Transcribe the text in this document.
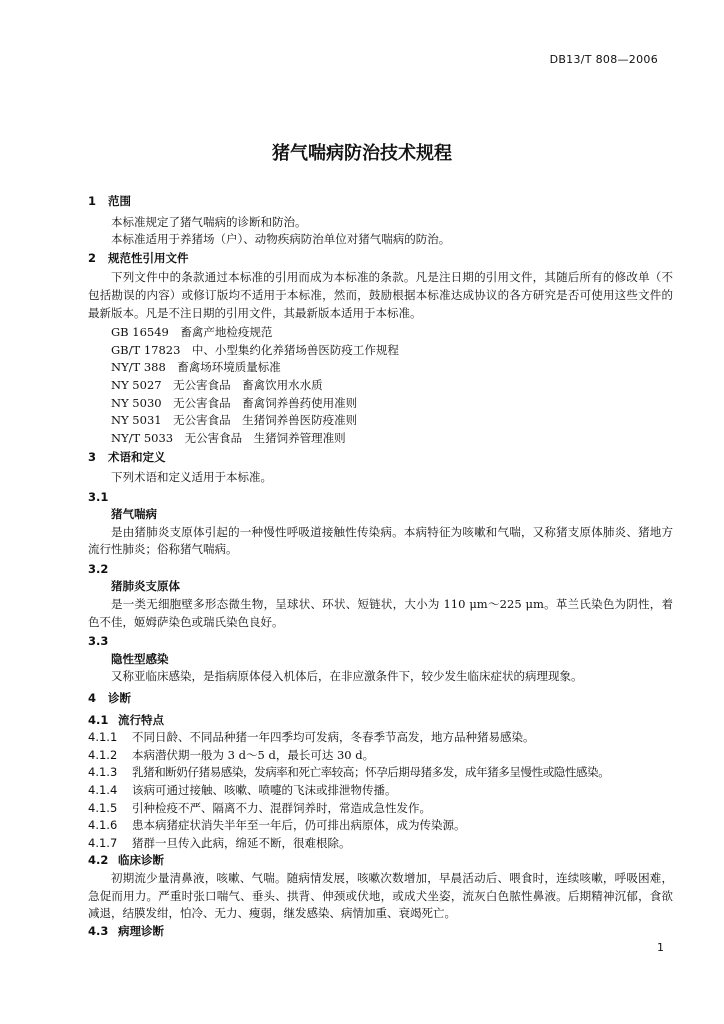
DB13/T 808—2006
猪气喘病防治技术规程
1 范围

本标准规定了猪气喘病的诊断和防治。

本标准适用于养猪场（户）、动物疾病防治单位对猪气喘病的防治。

2 规范性引用文件

下列文件中的条款通过本标准的引用而成为本标准的条款。凡是注日期的引用文件，其随后所有的修改单（不包括勘误的内容）或修订版均不适用于本标准，然而，鼓励根据本标准达成协议的各方研究是否可使用这些文件的最新版本。凡是不注日期的引用文件，其最新版本适用于本标准。

GB 16549　畜禽产地检疫规范

GB/T 17823　中、小型集约化养猪场兽医防疫工作规程

NY/T 388　畜禽场环境质量标准

NY 5027　无公害食品　畜禽饮用水水质

NY 5030　无公害食品　畜禽饲养兽药使用准则

NY 5031　无公害食品　生猪饲养兽医防疫准则

NY/T 5033　无公害食品　生猪饲养管理准则

3 术语和定义

下列术语和定义适用于本标准。

3.1
猪气喘病

是由猪肺炎支原体引起的一种慢性呼吸道接触性传染病。本病特征为咳嗽和气喘，又称猪支原体肺炎、猪地方流行性肺炎；俗称猪气喘病。

3.2
猪肺炎支原体

是一类无细胞壁多形态微生物，呈球状、环状、短链状，大小为 110 μm～225 μm。革兰氏染色为阴性，着色不佳，姬姆萨染色或瑞氏染色良好。

3.3
隐性型感染

又称亚临床感染，是指病原体侵入机体后，在非应激条件下，较少发生临床症状的病理现象。

4 诊断
4.1 流行特点
4.1.1 不同日龄、不同品种猪一年四季均可发病，冬春季节高发，地方品种猪易感染。
4.1.2 本病潜伏期一般为 3 d～5 d，最长可达 30 d。
4.1.3 乳猪和断奶仔猪易感染，发病率和死亡率较高；怀孕后期母猪多发，成年猪多呈慢性或隐性感染。
4.1.4 该病可通过接触、咳嗽、喷嚏的飞沫或排泄物传播。
4.1.5 引种检疫不严、隔离不力、混群饲养时，常造成急性发作。
4.1.6 患本病猪症状消失半年至一年后，仍可排出病原体，成为传染源。
4.1.7 猪群一旦传入此病，绵延不断，很难根除。
4.2 临床诊断

初期流少量清鼻液，咳嗽、气喘。随病情发展，咳嗽次数增加，早晨活动后、喂食时，连续咳嗽，呼吸困难，急促而用力。严重时张口喘气、垂头、拱背、伸颈或伏地，或成犬坐姿，流灰白色脓性鼻液。后期精神沉郁，食欲减退，结膜发绀，怕冷、无力、瘦弱，继发感染、病情加重、衰竭死亡。

4.3 病理诊断
1
